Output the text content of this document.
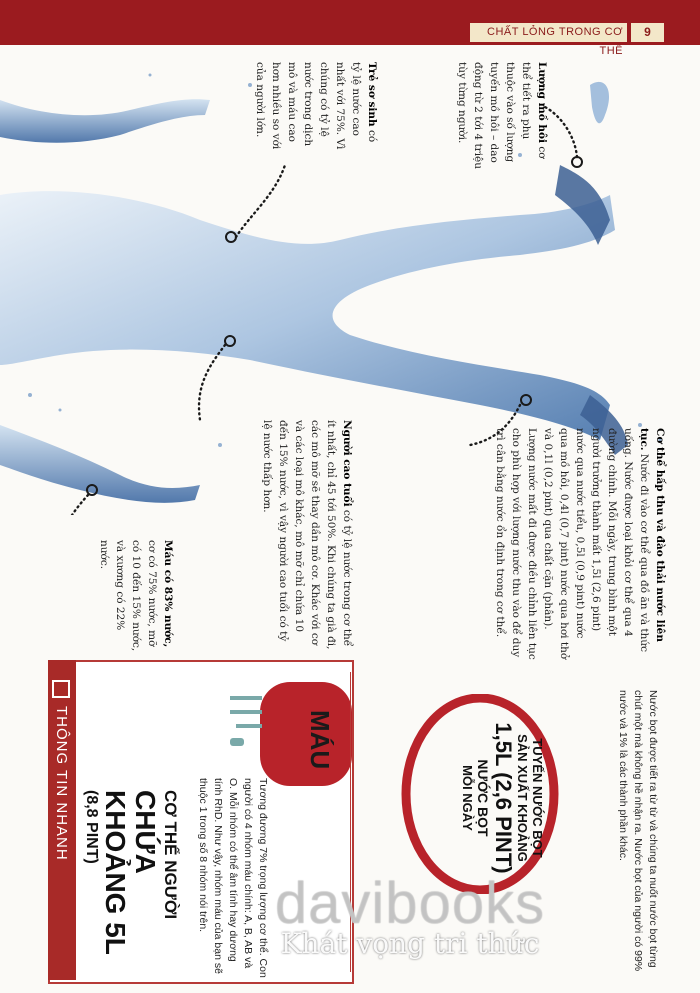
CHẤT LỎNG TRONG CƠ THỂ
9
Trẻ sơ sinh có tỷ lệ nước cao nhất với 75%. Vì chúng có tỷ lệ nước trong dịch mô và máu cao hơn nhiều so với của người lớn.	Lượng mồ hôi cơ thể tiết ra phụ thuộc vào số lượng tuyến mồ hôi – dao động từ 2 tới 4 triệu tùy từng người.
Máu có 83% nước, cơ có 75% nước, mỡ có 10 đến 15% nước, và xương có 22% nước.
Người cao tuổi có tỷ lệ nước trong cơ thể ít nhất, chỉ 45 tới 50%. Khi chúng ta già đi, các mô mỡ sẽ thay dần mô cơ. Khác với cơ và các loại mô khác, mô mỡ chỉ chứa 10 đến 15% nước, vì vậy người cao tuổi có tỷ lệ nước thấp hơn.	Cơ thể hấp thu và đào thải nước liên tục. Nước đi vào cơ thể qua đồ ăn và thức uống. Nước được loại khỏi cơ thể qua 4 đường chính. Mỗi ngày, trung bình một người trưởng thành mất 1,5l (2,6 pint) nước qua nước tiểu, 0,5l (0,9 pint) nước qua mồ hôi, 0,4l (0,7 pint) nước qua hơi thở và 0,1l (0,2 pint) qua chất cặn (phân). Lượng nước mất đi được điều chỉnh liên tục cho phù hợp với lượng nước thu vào để duy trì cân bằng nước ổn định trong cơ thể.
THÔNG TIN NHANH	CƠ THỂ NGƯỜI
CHỨA KHOẢNG 5L
(8,8 PINT)
MÁU
Tương đương 7% trọng lượng cơ thể. Con người có 4 nhóm máu chính: A, B, AB và O. Mỗi nhóm có thể âm tính hay dương tính RhD. Như vậy, nhóm máu của bạn sẽ thuộc 1 trong số 8 nhóm nói trên.	TUYẾN NƯỚC BỌT
SẢN XUẤT KHOẢNG
1,5L (2,6 PINT)
NƯỚC BỌT
MỖI NGÀY	Nước bọt được tiết ra từ từ và chúng ta nuốt nước bọt từng chút một mà không hề nhận ra. Nước bọt của người có 99% nước và 1% là các thành phần khác.
davibooks
Khát vọng tri thức
